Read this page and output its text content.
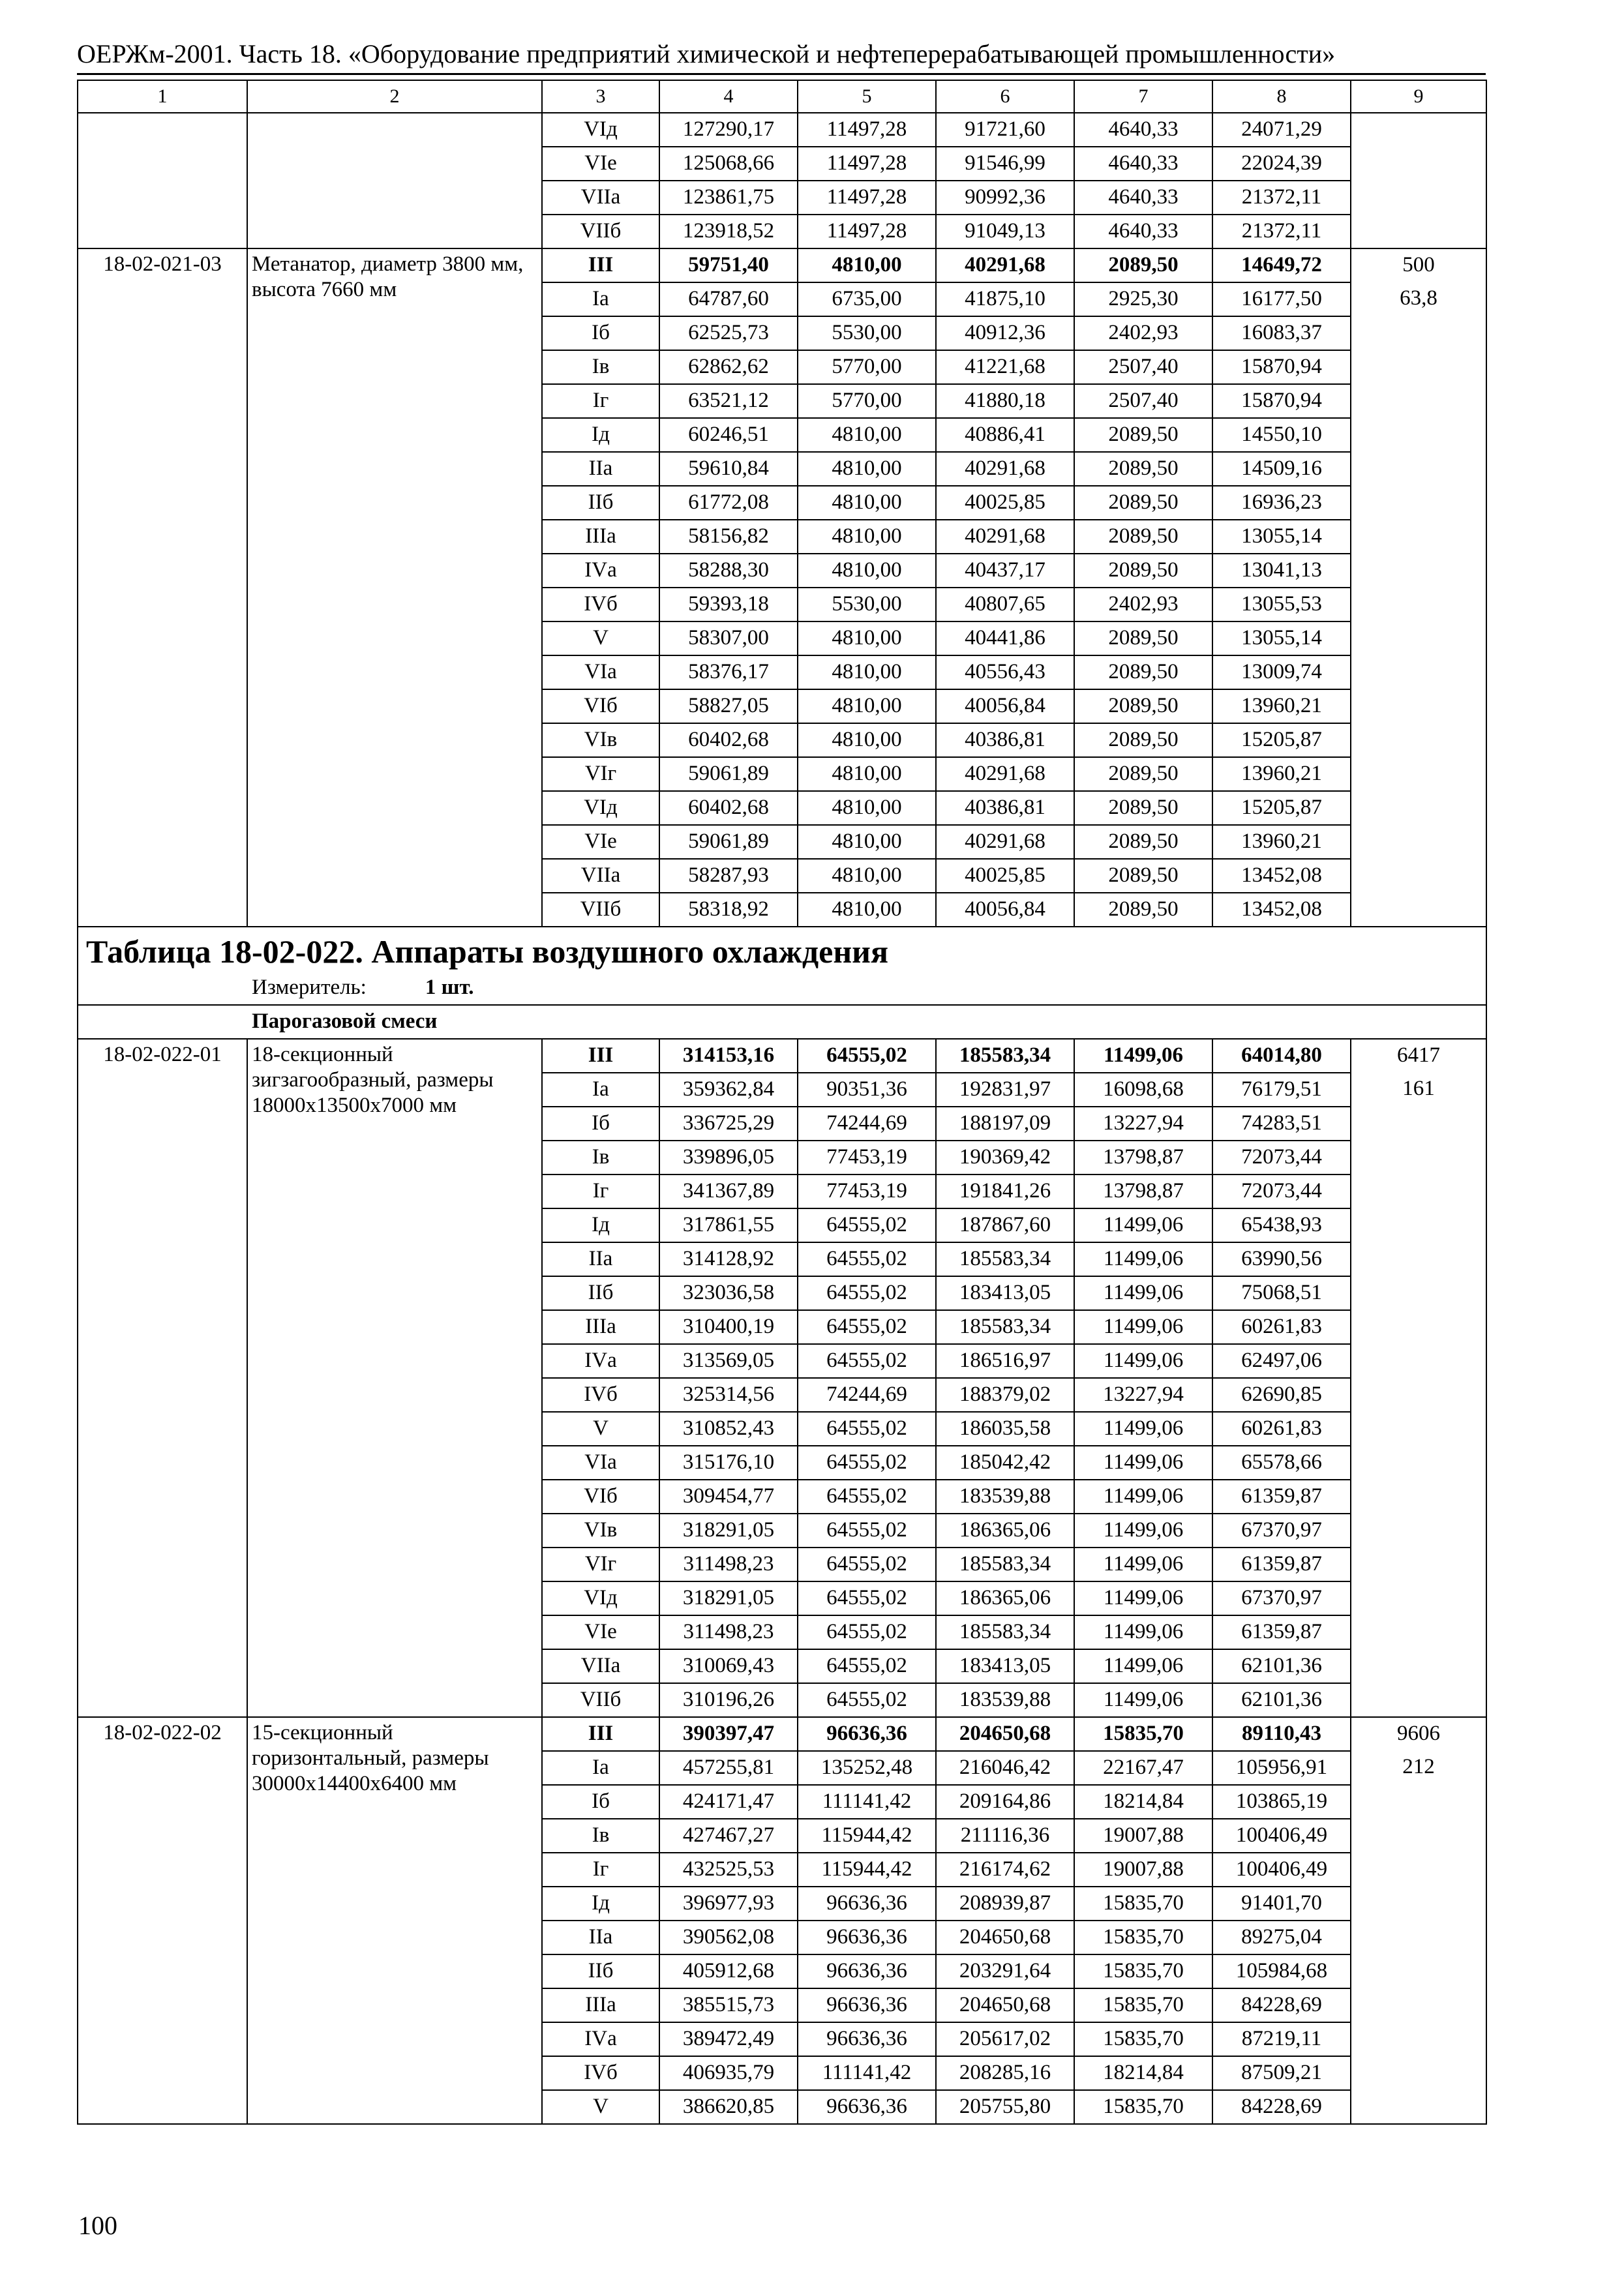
ОЕРЖм-2001. Часть 18. «Оборудование предприятий химической и нефтеперерабатывающей промышленности»
1	2	3	4	5	6	7	8	9
		VIд	127290,17	11497,28	91721,60	4640,33	24071,29	
		VIе	125068,66	11497,28	91546,99	4640,33	22024,39	
		VIIа	123861,75	11497,28	90992,36	4640,33	21372,11	
		VIIб	123918,52	11497,28	91049,13	4640,33	21372,11	
18-02-021-03	Метанатор, диаметр 3800 мм, высота 7660 мм	III	59751,40	4810,00	40291,68	2089,50	14649,72	500
		Iа	64787,60	6735,00	41875,10	2925,30	16177,50	63,8
		Iб	62525,73	5530,00	40912,36	2402,93	16083,37	
		Iв	62862,62	5770,00	41221,68	2507,40	15870,94	
		Iг	63521,12	5770,00	41880,18	2507,40	15870,94	
		Iд	60246,51	4810,00	40886,41	2089,50	14550,10	
		IIа	59610,84	4810,00	40291,68	2089,50	14509,16	
		IIб	61772,08	4810,00	40025,85	2089,50	16936,23	
		IIIа	58156,82	4810,00	40291,68	2089,50	13055,14	
		IVа	58288,30	4810,00	40437,17	2089,50	13041,13	
		IVб	59393,18	5530,00	40807,65	2402,93	13055,53	
		V	58307,00	4810,00	40441,86	2089,50	13055,14	
		VIа	58376,17	4810,00	40556,43	2089,50	13009,74	
		VIб	58827,05	4810,00	40056,84	2089,50	13960,21	
		VIв	60402,68	4810,00	40386,81	2089,50	15205,87	
		VIг	59061,89	4810,00	40291,68	2089,50	13960,21	
		VIд	60402,68	4810,00	40386,81	2089,50	15205,87	
		VIе	59061,89	4810,00	40291,68	2089,50	13960,21	
		VIIа	58287,93	4810,00	40025,85	2089,50	13452,08	
		VIIб	58318,92	4810,00	40056,84	2089,50	13452,08	
Таблица 18-02-022. Аппараты воздушного охлаждения								
Измеритель: 1 шт.								
Парогазовой смеси								
18-02-022-01	18-секционный зигзагообразный, размеры 18000х13500х7000 мм	III	314153,16	64555,02	185583,34	11499,06	64014,80	6417
		Iа	359362,84	90351,36	192831,97	16098,68	76179,51	161
		Iб	336725,29	74244,69	188197,09	13227,94	74283,51	
		Iв	339896,05	77453,19	190369,42	13798,87	72073,44	
		Iг	341367,89	77453,19	191841,26	13798,87	72073,44	
		Iд	317861,55	64555,02	187867,60	11499,06	65438,93	
		IIа	314128,92	64555,02	185583,34	11499,06	63990,56	
		IIб	323036,58	64555,02	183413,05	11499,06	75068,51	
		IIIа	310400,19	64555,02	185583,34	11499,06	60261,83	
		IVа	313569,05	64555,02	186516,97	11499,06	62497,06	
		IVб	325314,56	74244,69	188379,02	13227,94	62690,85	
		V	310852,43	64555,02	186035,58	11499,06	60261,83	
		VIа	315176,10	64555,02	185042,42	11499,06	65578,66	
		VIб	309454,77	64555,02	183539,88	11499,06	61359,87	
		VIв	318291,05	64555,02	186365,06	11499,06	67370,97	
		VIг	311498,23	64555,02	185583,34	11499,06	61359,87	
		VIд	318291,05	64555,02	186365,06	11499,06	67370,97	
		VIе	311498,23	64555,02	185583,34	11499,06	61359,87	
		VIIа	310069,43	64555,02	183413,05	11499,06	62101,36	
		VIIб	310196,26	64555,02	183539,88	11499,06	62101,36	
18-02-022-02	15-секционный горизонтальный, размеры 30000х14400х6400 мм	III	390397,47	96636,36	204650,68	15835,70	89110,43	9606
		Iа	457255,81	135252,48	216046,42	22167,47	105956,91	212
		Iб	424171,47	111141,42	209164,86	18214,84	103865,19	
		Iв	427467,27	115944,42	211116,36	19007,88	100406,49	
		Iг	432525,53	115944,42	216174,62	19007,88	100406,49	
		Iд	396977,93	96636,36	208939,87	15835,70	91401,70	
		IIа	390562,08	96636,36	204650,68	15835,70	89275,04	
		IIб	405912,68	96636,36	203291,64	15835,70	105984,68	
		IIIа	385515,73	96636,36	204650,68	15835,70	84228,69	
		IVа	389472,49	96636,36	205617,02	15835,70	87219,11	
		IVб	406935,79	111141,42	208285,16	18214,84	87509,21	
		V	386620,85	96636,36	205755,80	15835,70	84228,69	
100
